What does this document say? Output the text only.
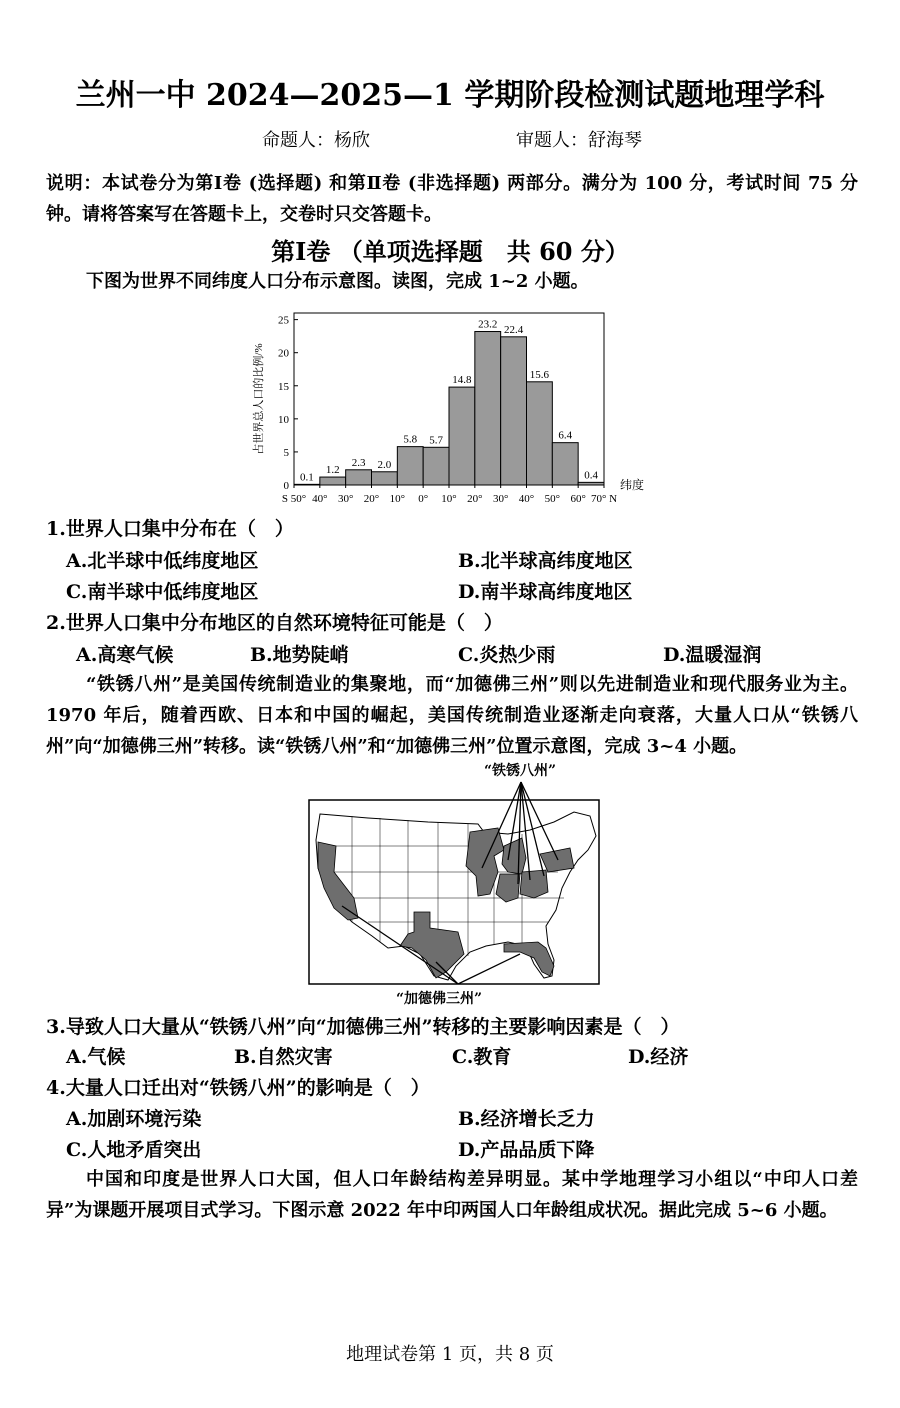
兰州一中 2024—2025—1 学期阶段检测试题地理学科
命题人：杨欣	审题人：舒海琴
说明：本试卷分为第Ⅰ卷 (选择题) 和第Ⅱ卷 (非选择题) 两部分。满分为 100 分，考试时间 75 分钟。请将答案写在答题卡上，交卷时只交答题卡。
第Ⅰ卷 （单项选择题　共 60 分）
下图为世界不同纬度人口分布示意图。读图，完成 1~2 小题。
0
5
10
15
20
25
0.1
1.2
2.3 2.0
5.8 5.7
14.8
23.2 22.4
15.6
6.4
0.4
S 50° 40° 30° 20° 10° 0° 10° 20° 30° 40° 50° 60° 70° N
纬度
占世界总人口的比例/%
1.世界人口集中分布在（　）
A.北半球中低纬度地区	B.北半球高纬度地区
C.南半球中低纬度地区	D.南半球高纬度地区
2.世界人口集中分布地区的自然环境特征可能是（　）
A.高寒气候	B.地势陡峭	C.炎热少雨	D.温暖湿润
“铁锈八州”是美国传统制造业的集聚地，而“加德佛三州”则以先进制造业和现代服务业为主。1970 年后，随着西欧、日本和中国的崛起，美国传统制造业逐渐走向衰落，大量人口从“铁锈八州”向“加德佛三州”转移。读“铁锈八州”和“加德佛三州”位置示意图，完成 3~4 小题。
“铁锈八州”
“加德佛三州”
3.导致人口大量从“铁锈八州”向“加德佛三州”转移的主要影响因素是（　）
A.气候	B.自然灾害	C.教育	D.经济
4.大量人口迁出对“铁锈八州”的影响是（　）
A.加剧环境污染	B.经济增长乏力
C.人地矛盾突出	D.产品品质下降
中国和印度是世界人口大国，但人口年龄结构差异明显。某中学地理学习小组以“中印人口差异”为课题开展项目式学习。下图示意 2022 年中印两国人口年龄组成状况。据此完成 5~6 小题。
地理试卷第 1 页，共 8 页
